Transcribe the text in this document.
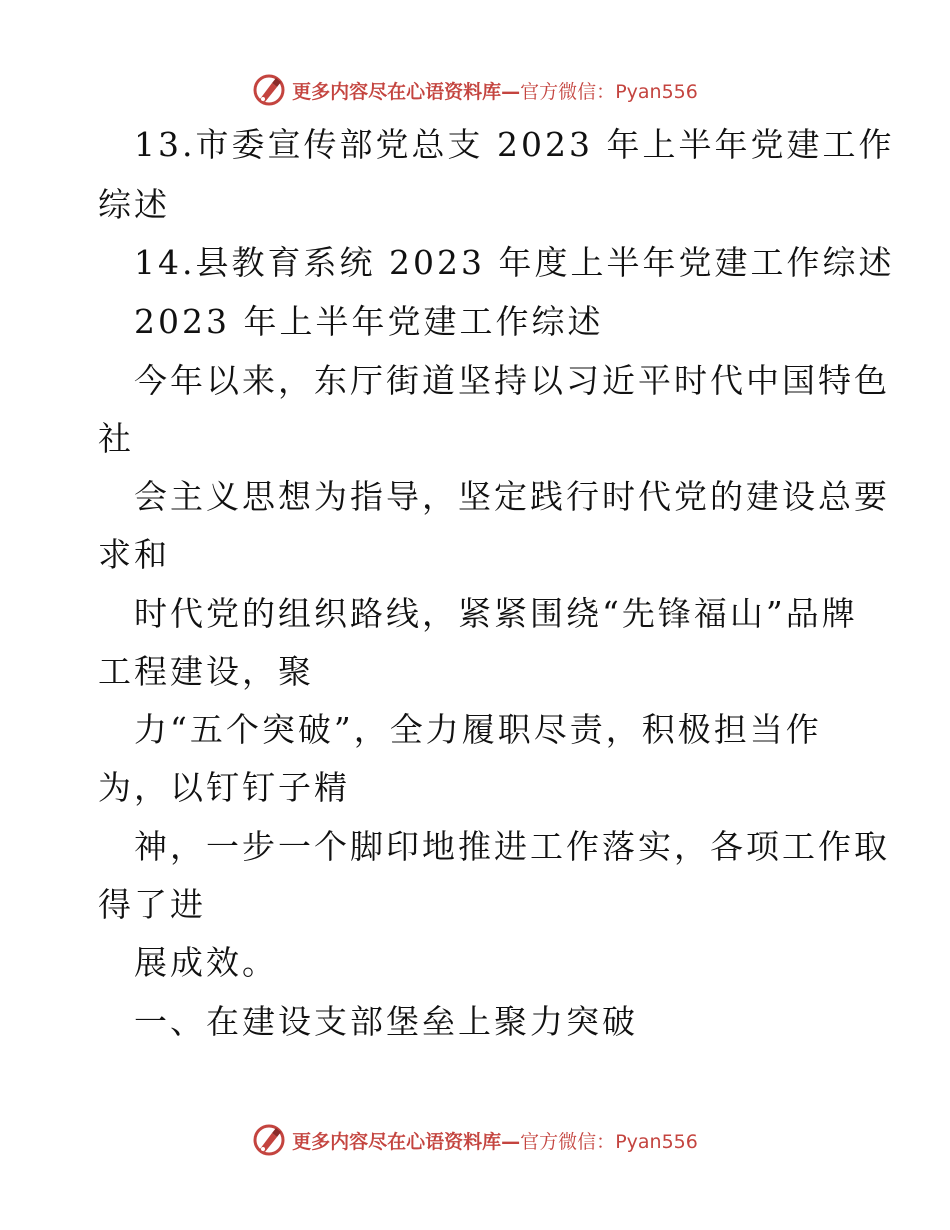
更多内容尽在心语资料库—官方微信：Pyan556
13.市委宣传部党总支 2023 年上半年党建工作
综述
14.县教育系统 2023 年度上半年党建工作综述
2023 年上半年党建工作综述
今年以来，东厅街道坚持以习近平时代中国特色
社
会主义思想为指导，坚定践行时代党的建设总要
求和
时代党的组织路线，紧紧围绕“先锋福山”品牌
工程建设，聚
力“五个突破”，全力履职尽责，积极担当作
为，以钉钉子精
神，一步一个脚印地推进工作落实，各项工作取
得了进
展成效。
一、在建设支部堡垒上聚力突破
更多内容尽在心语资料库—官方微信：Pyan556
